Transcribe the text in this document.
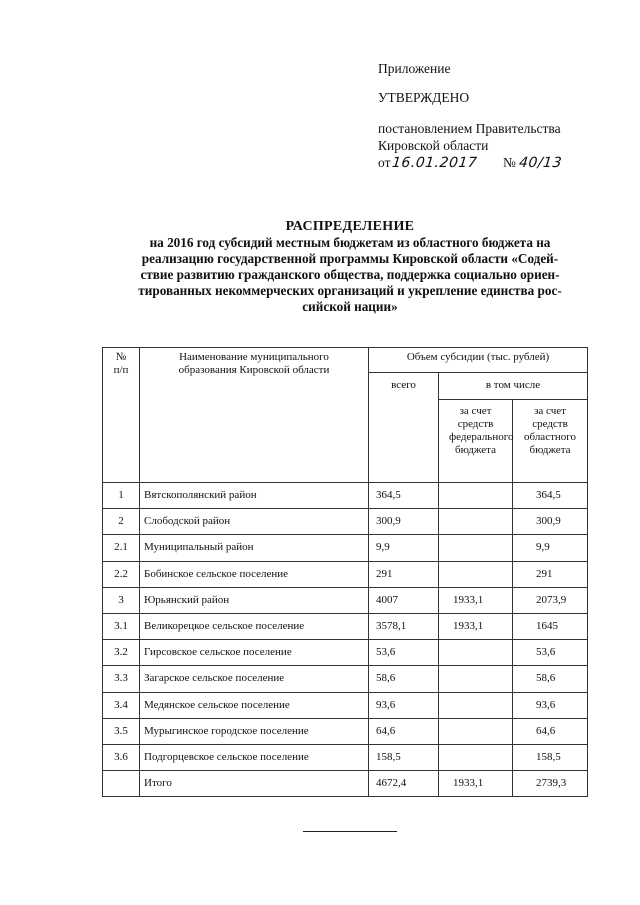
Приложение
УТВЕРЖДЕНО
постановлением Правительства
Кировской области
от16.01.2017 № 40/13
РАСПРЕДЕЛЕНИЕ
на 2016 год субсидий местным бюджетам из областного бюджета на
реализацию государственной программы Кировской области «Содей-
ствие развитию гражданского общества, поддержка социально ориен-
тированных некоммерческих организаций и укрепление единства рос-
сийской нации»
№ п/п	Наименование муниципального образования Кировской области	Объем субсидии (тыс. рублей)		
		всего	в том числе	
			за счет средств федерального бюджета	за счет средств областного бюджета
1	Вятскополянский район	364,5		364,5
2	Слободской район	300,9		300,9
2.1	Муниципальный район	9,9		9,9
2.2	Бобинское сельское поселение	291		291
3	Юрьянский район	4007	1933,1	2073,9
3.1	Великорецкое сельское поселение	3578,1	1933,1	1645
3.2	Гирсовское сельское поселение	53,6		53,6
3.3	Загарское сельское поселение	58,6		58,6
3.4	Медянское сельское поселение	93,6		93,6
3.5	Мурыгинское городское поселение	64,6		64,6
3.6	Подгорцевское сельское поселение	158,5		158,5
	Итого	4672,4	1933,1	2739,3
